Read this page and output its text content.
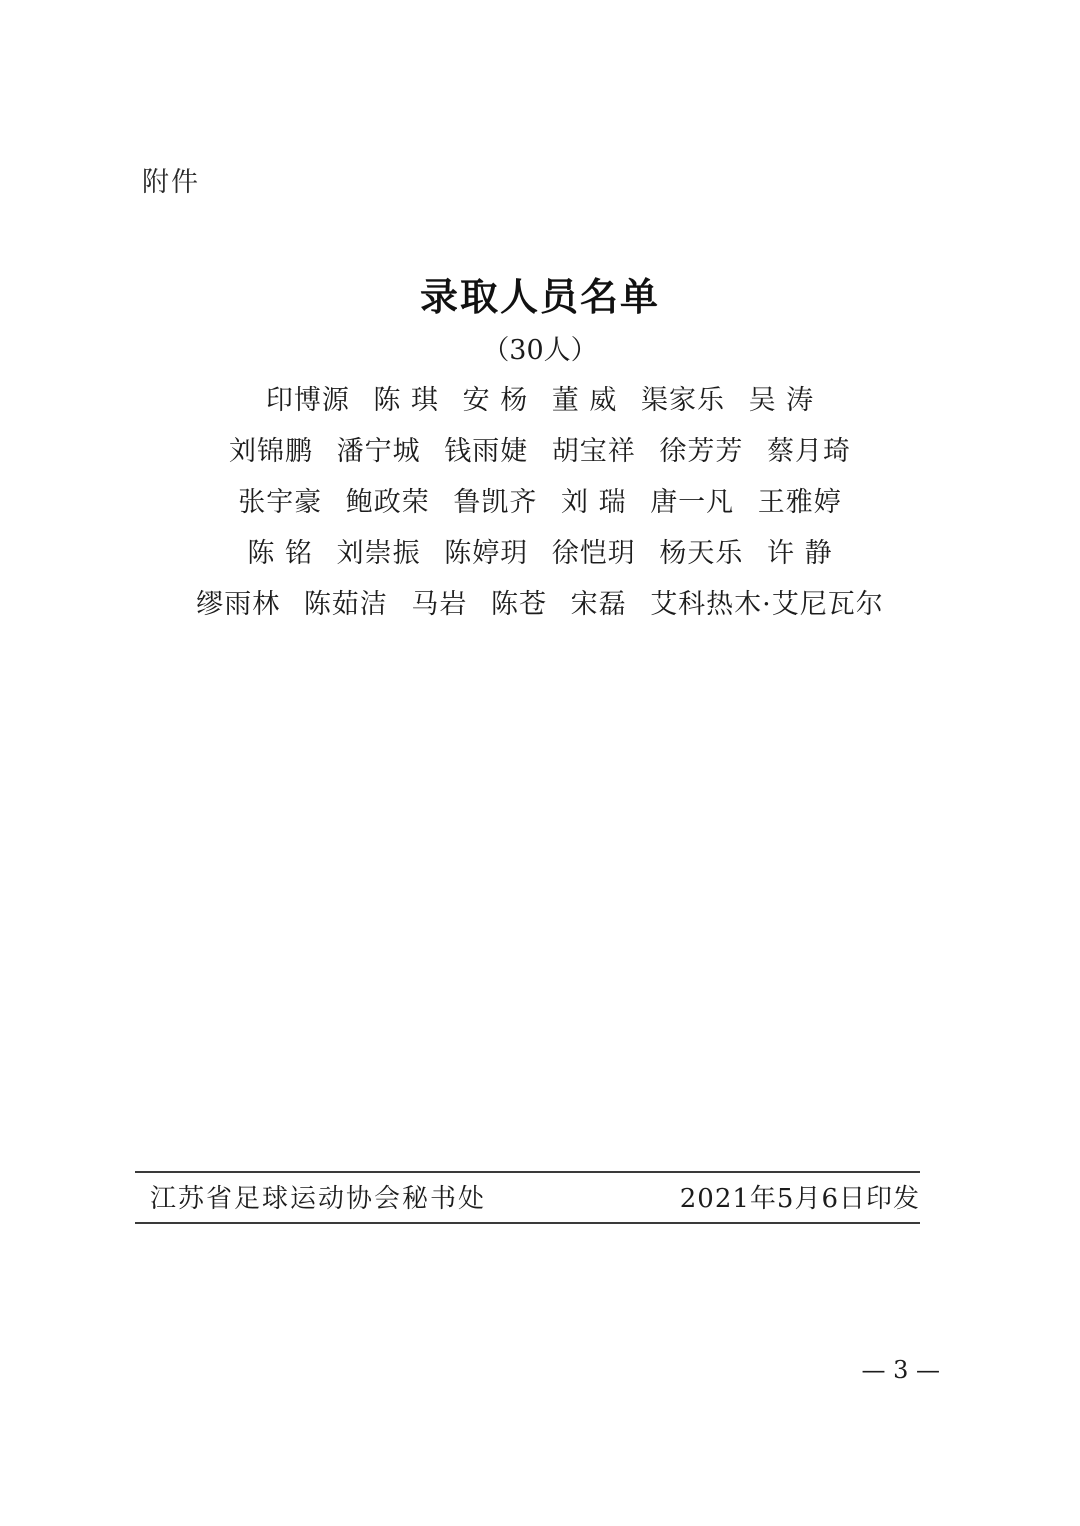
附件
录取人员名单
（30人）
印博源 陈 琪 安 杨 董 威 渠家乐 吴 涛
刘锦鹏 潘宁城 钱雨婕 胡宝祥 徐芳芳 蔡月琦
张宇豪 鲍政荣 鲁凯齐 刘 瑞 唐一凡 王雅婷
陈 铭 刘崇振 陈婷玥 徐恺玥 杨天乐 许 静
缪雨林 陈茹洁 马岩 陈苍 宋磊 艾科热木·艾尼瓦尔
江苏省足球运动协会秘书处	2021年5月6日印发
— 3 —
